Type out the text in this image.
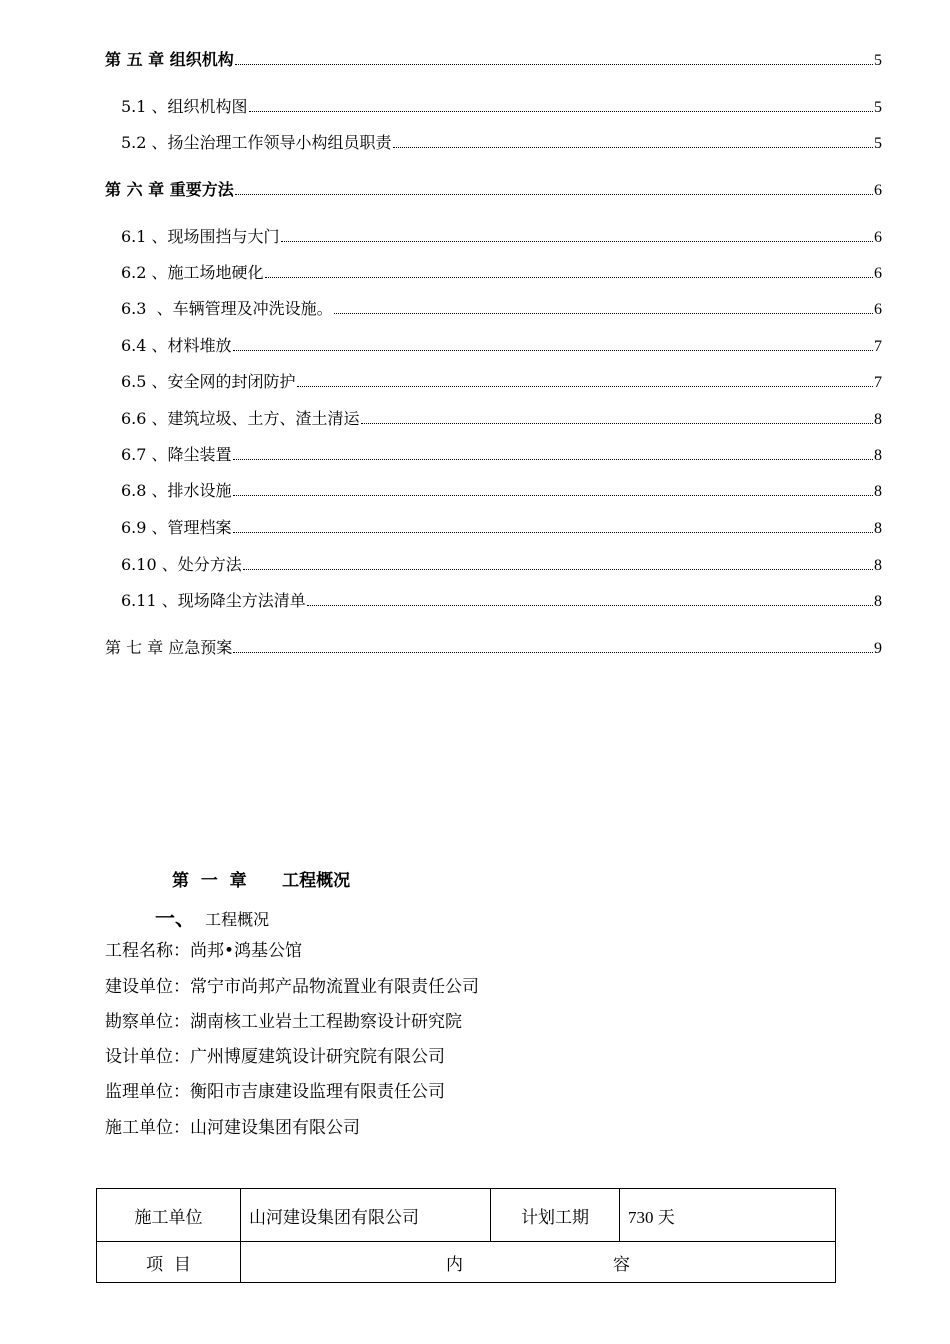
第 五 章 组织机构	5
5.1 、组织机构图	5
5.2 、扬尘治理工作领导小构组员职责	5
第 六 章 重要方法	6
6.1 、现场围挡与大门	6
6.2 、施工场地硬化	6
6.3  、车辆管理及冲洗设施。	6
6.4 、材料堆放	7
6.5 、安全网的封闭防护	7
6.6 、建筑垃圾、土方、渣土清运	8
6.7 、降尘装置	8
6.8 、排水设施	8
6.9 、管理档案	8
6.10 、处分方法	8
6.11 、现场降尘方法清单	8
第 七 章 应急预案	9
第  一  章      工程概况
一、 工程概况
工程名称：尚邦•鸿基公馆
建设单位：常宁市尚邦产品物流置业有限责任公司
勘察单位：湖南核工业岩土工程勘察设计研究院
设计单位：广州博厦建筑设计研究院有限公司
监理单位：衡阳市吉康建设监理有限责任公司
施工单位：山河建设集团有限公司
施工单位	山河建设集团有限公司	计划工期	730 天
项  目	内 容		
